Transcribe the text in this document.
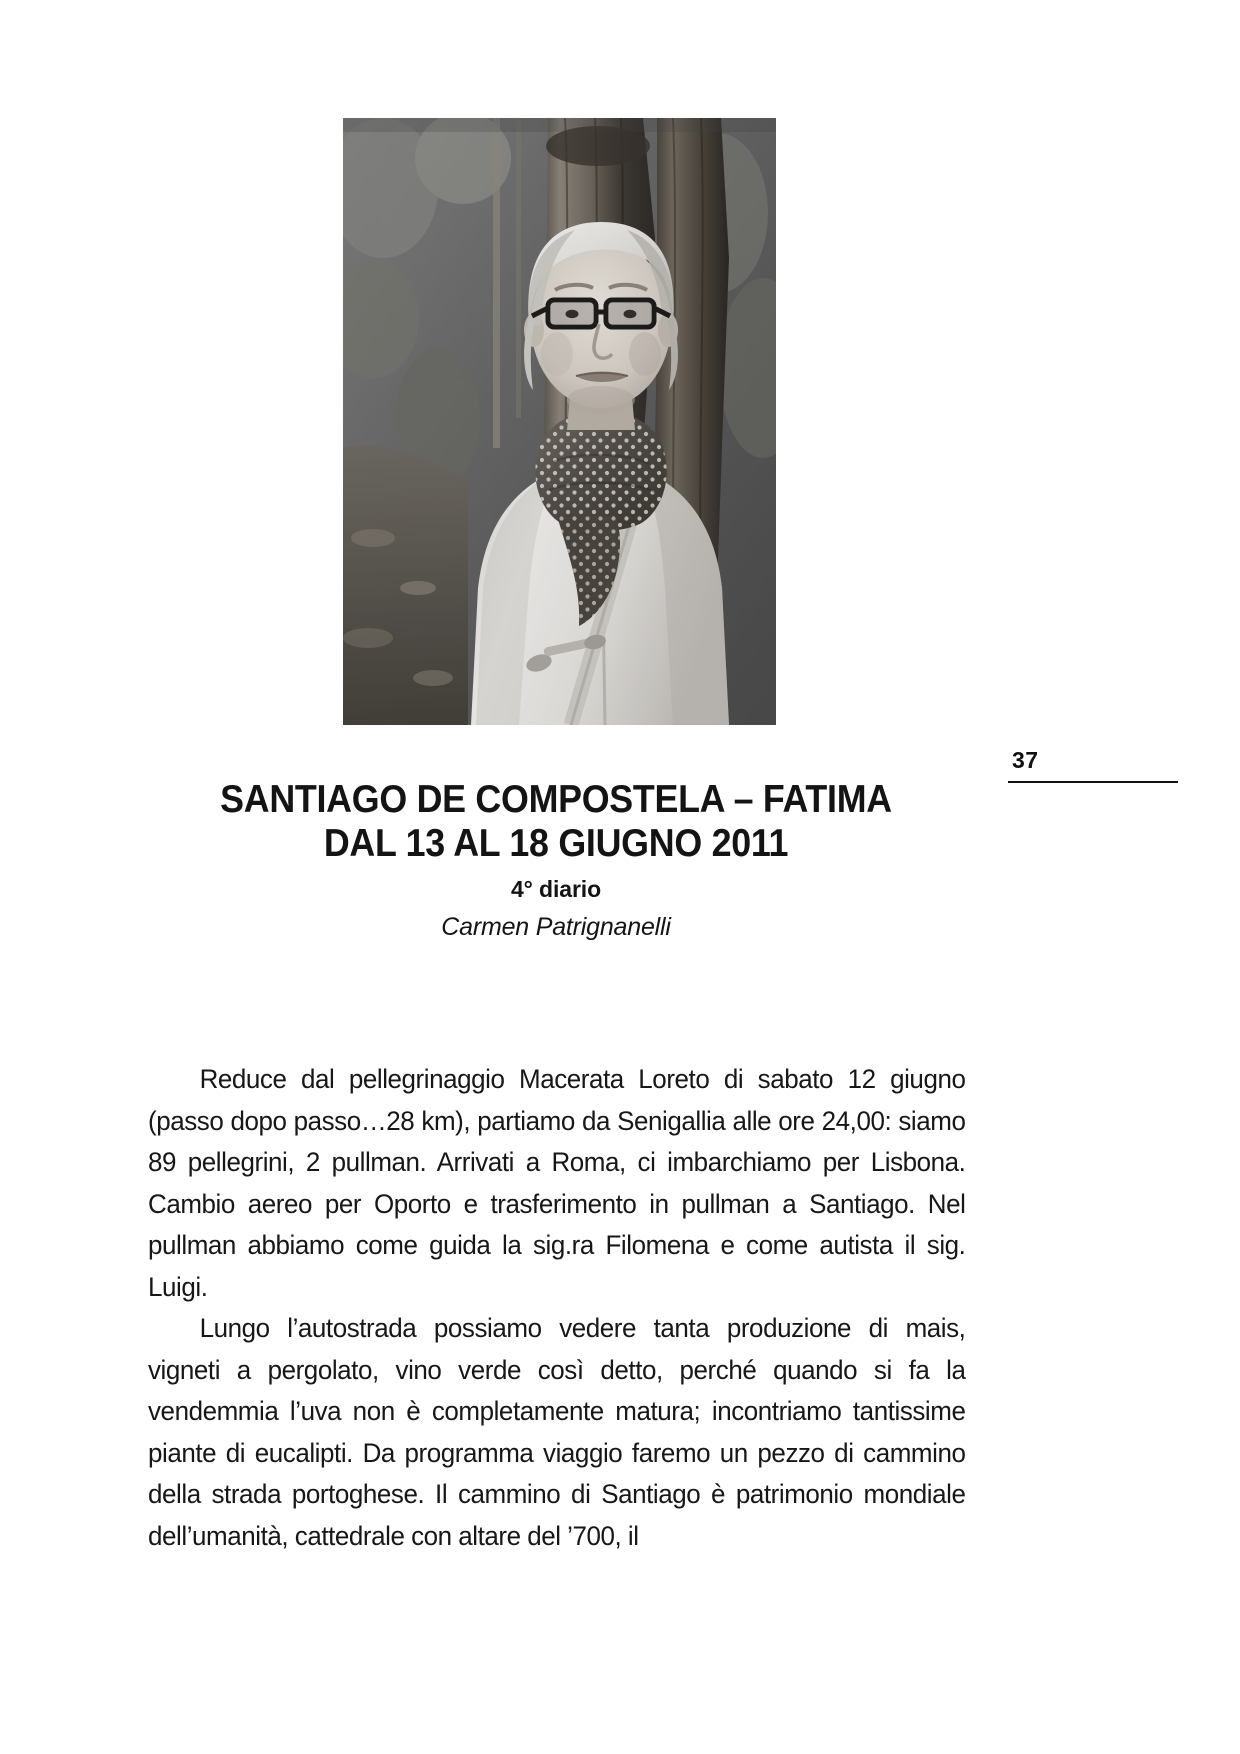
37
SANTIAGO DE COMPOSTELA – FATIMA
DAL 13 AL 18 GIUGNO 2011
4° diario
Carmen Patrignanelli

Reduce dal pellegrinaggio Macerata Loreto di sabato 12 giugno (passo dopo passo…28 km), partiamo da Senigallia alle ore 24,00: siamo 89 pellegrini, 2 pullman. Arrivati a Roma, ci imbarchiamo per Lisbona. Cambio aereo per Oporto e trasferimento in pullman a Santiago. Nel pullman abbiamo come guida la sig.ra Filomena e come autista il sig. Luigi.

Lungo l’autostrada possiamo vedere tanta produzione di mais, vigneti a pergolato, vino verde così detto, perché quando si fa la vendemmia l’uva non è completamente matura; incontriamo tantissime piante di eucalipti. Da programma viaggio faremo un pezzo di cammino della strada portoghese. Il cammino di Santiago è patrimonio mondiale dell’umanità, cattedrale con altare del ’700, il
